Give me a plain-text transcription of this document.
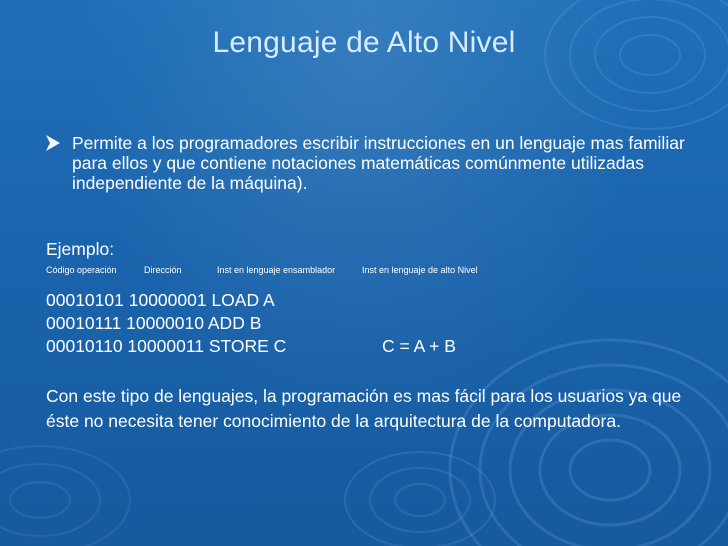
Lenguaje de Alto Nivel
Permite a los programadores escribir instrucciones en un lenguaje mas familiar para ellos y que contiene notaciones matemáticas comúnmente utilizadas independiente de la máquina).
Ejemplo:
Código operación	Dirección	Inst en lenguaje ensamblador	Inst en lenguaje de alto Nivel
00010101 10000001 LOAD A
00010111 10000010 ADD B
00010110 10000011 STORE C	C = A + B
Con este tipo de lenguajes, la programación es mas fácil para los usuarios ya que éste no necesita tener conocimiento de la arquitectura de la computadora.
